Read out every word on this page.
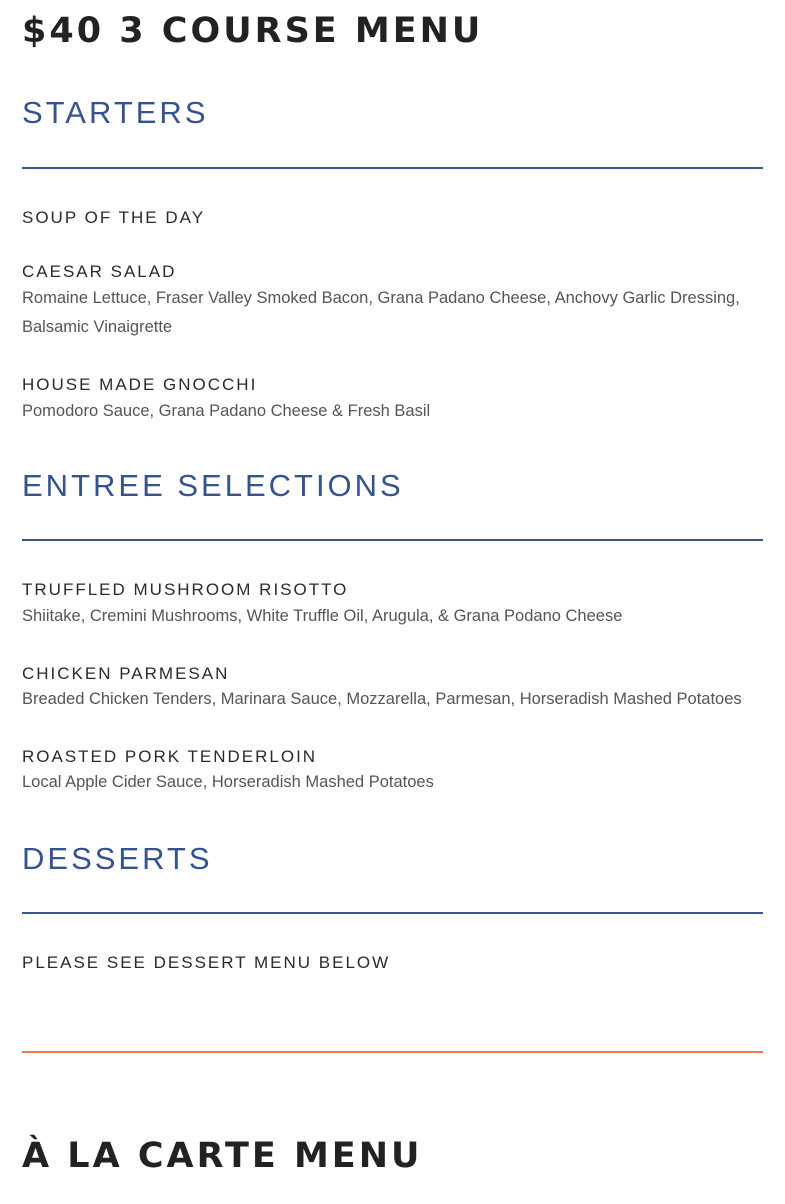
$40 3 COURSE MENU
STARTERS
SOUP OF THE DAY
CAESAR SALAD

Romaine Lettuce, Fraser Valley Smoked Bacon, Grana Padano Cheese, Anchovy Garlic Dressing, Balsamic Vinaigrette

HOUSE MADE GNOCCHI

Pomodoro Sauce, Grana Padano Cheese & Fresh Basil

ENTREE SELECTIONS
TRUFFLED MUSHROOM RISOTTO

Shiitake, Cremini Mushrooms, White Truffle Oil, Arugula, & Grana Podano Cheese

CHICKEN PARMESAN

Breaded Chicken Tenders, Marinara Sauce, Mozzarella, Parmesan, Horseradish Mashed Potatoes

ROASTED PORK TENDERLOIN

Local Apple Cider Sauce, Horseradish Mashed Potatoes

DESSERTS
PLEASE SEE DESSERT MENU BELOW
À LA CARTE MENU
